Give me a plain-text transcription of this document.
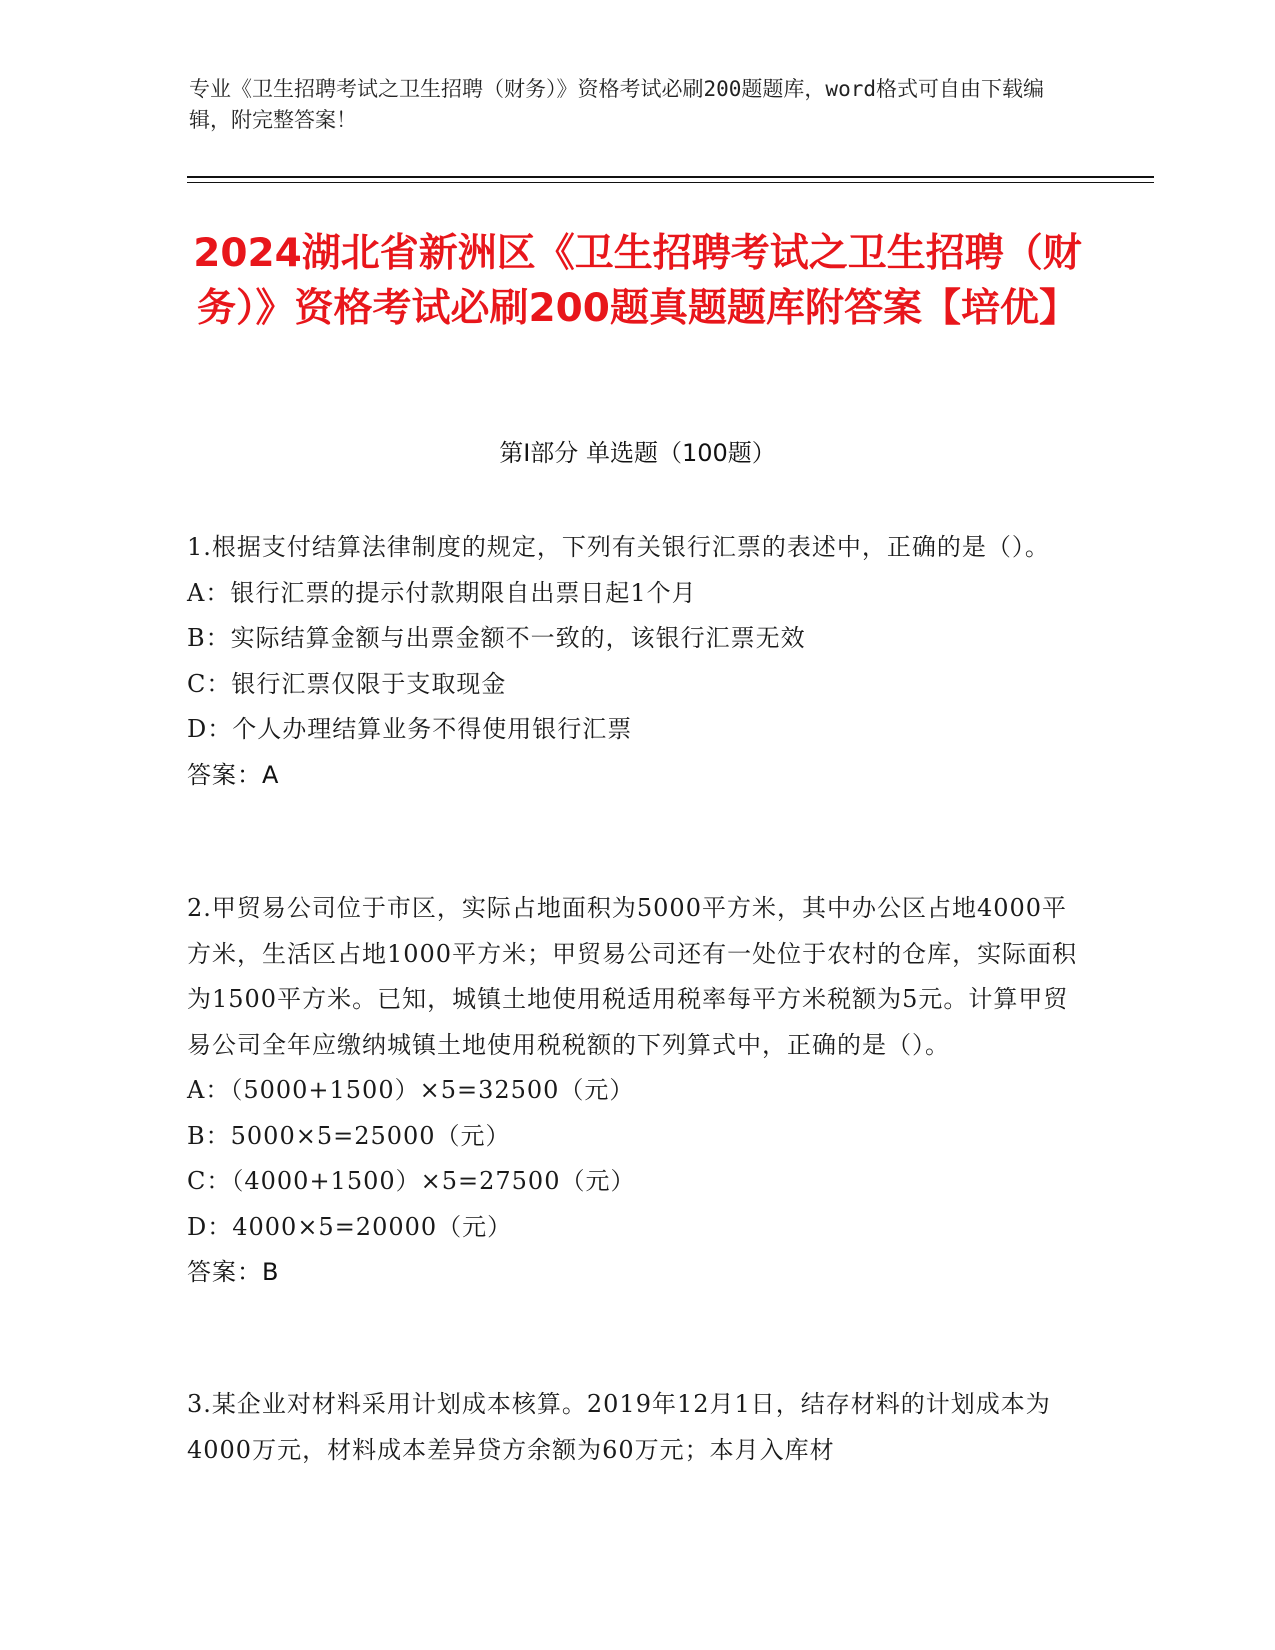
专业《卫生招聘考试之卫生招聘（财务）》资格考试必刷200题题库，word格式可自由下载编辑，附完整答案！
2024湖北省新洲区《卫生招聘考试之卫生招聘（财务）》资格考试必刷200题真题题库附答案【培优】
第Ⅰ部分 单选题（100题）

1.根据支付结算法律制度的规定，下列有关银行汇票的表述中，正确的是（）。

A：银行汇票的提示付款期限自出票日起1个月

B：实际结算金额与出票金额不一致的，该银行汇票无效

C：银行汇票仅限于支取现金

D：个人办理结算业务不得使用银行汇票

答案：A

2.甲贸易公司位于市区，实际占地面积为5000平方米，其中办公区占地4000平方米，生活区占地1000平方米；甲贸易公司还有一处位于农村的仓库，实际面积为1500平方米。已知，城镇土地使用税适用税率每平方米税额为5元。计算甲贸易公司全年应缴纳城镇土地使用税税额的下列算式中，正确的是（）。

A：（5000+1500）×5=32500（元）

B：5000×5=25000（元）

C：（4000+1500）×5=27500（元）

D：4000×5=20000（元）

答案：B

3.某企业对材料采用计划成本核算。2019年12月1日，结存材料的计划成本为4000万元，材料成本差异贷方余额为60万元；本月入库材
